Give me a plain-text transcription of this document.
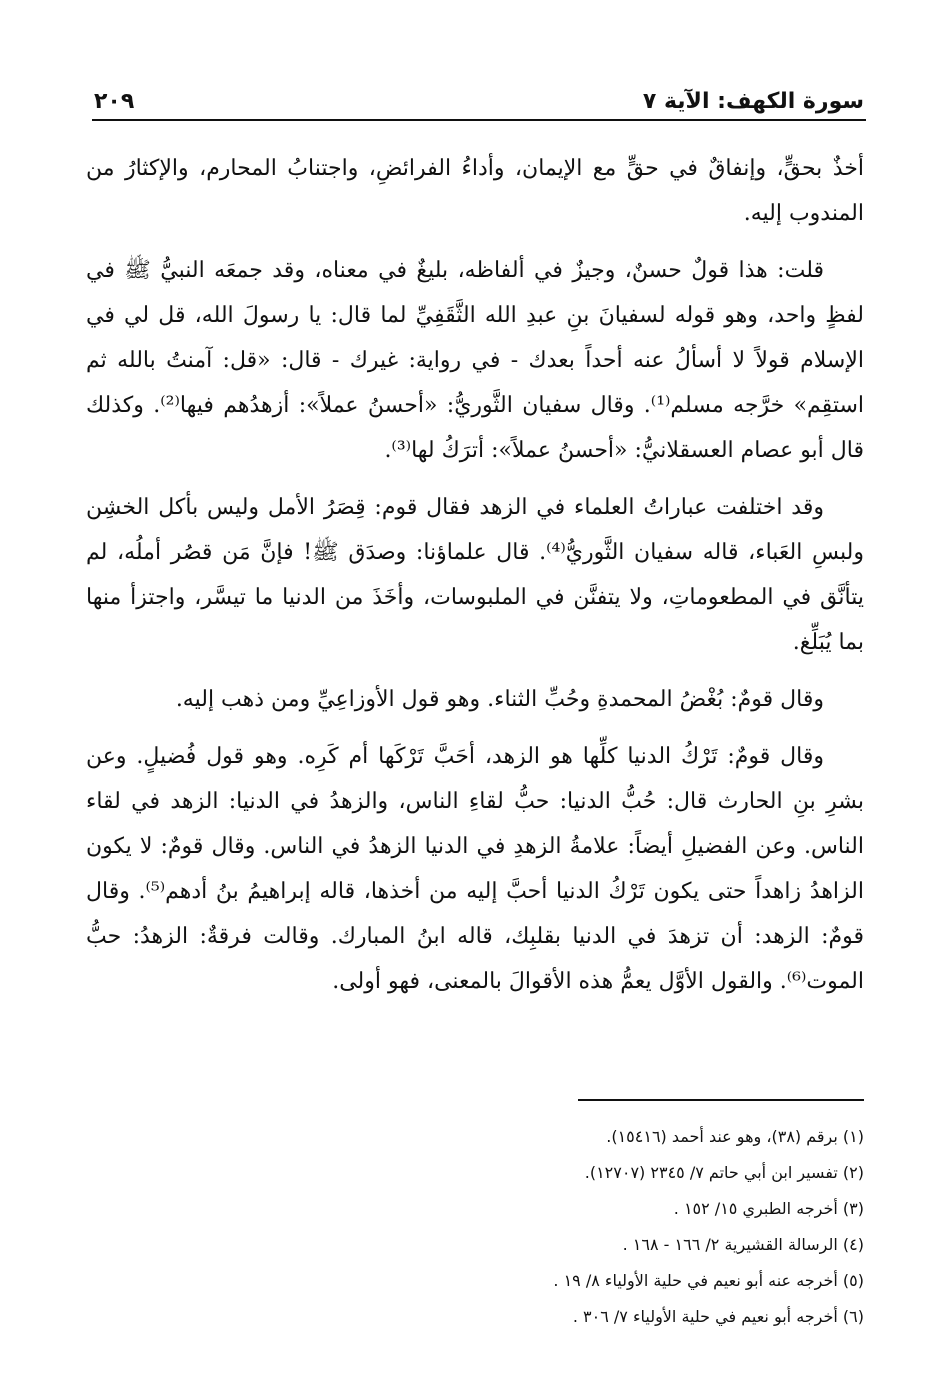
سورة الكهف: الآية ٧
٢٠٩

أخذٌ بحقٍّ، وإنفاقٌ في حقٍّ مع الإيمان، وأداءُ الفرائضِ، واجتنابُ المحارم، والإكثارُ من المندوب إليه.

قلت: هذا قولٌ حسنٌ، وجيزٌ في ألفاظه، بليغٌ في معناه، وقد جمعَه النبيُّ ﷺ في لفظٍ واحد، وهو قوله لسفيانَ بنِ عبدِ الله الثَّقَفِيِّ لما قال: يا رسولَ الله، قل لي في الإسلام قولاً لا أسألُ عنه أحداً بعدك - في رواية: غيرك - قال: «قل: آمنتُ بالله ثم استقِم» خرَّجه مسلم⁽¹⁾. وقال سفيان الثَّوريُّ: «أحسنُ عملاً»: أزهدُهم فيها⁽²⁾. وكذلك قال أبو عصام العسقلانيُّ: «أحسنُ عملاً»: أترَكُ لها⁽³⁾.

وقد اختلفت عباراتُ العلماء في الزهد فقال قوم: قِصَرُ الأمل وليس بأكل الخشِن ولبسِ العَباء، قاله سفيان الثَّوريُّ⁽⁴⁾. قال علماؤنا: وصدَق ﷺ! فإنَّ مَن قصُر أملُه، لم يتأنَّق في المطعوماتِ، ولا يتفنَّن في الملبوسات، وأخَذَ من الدنيا ما تيسَّر، واجتزأ منها بما يُبَلِّغ.

وقال قومٌ: بُغْضُ المحمدةِ وحُبِّ الثناء. وهو قول الأوزاعِيِّ ومن ذهب إليه.

وقال قومٌ: تَرْكُ الدنيا كلِّها هو الزهد، أحَبَّ تَرْكَها أم كَرِه. وهو قول فُضيلٍ. وعن بشرِ بنِ الحارث قال: حُبُّ الدنيا: حبُّ لقاءِ الناس، والزهدُ في الدنيا: الزهد في لقاء الناس. وعن الفضيلِ أيضاً: علامةُ الزهدِ في الدنيا الزهدُ في الناس. وقال قومٌ: لا يكون الزاهدُ زاهداً حتى يكون تَرْكُ الدنيا أحبَّ إليه من أخذها، قاله إبراهيمُ بنُ أدهم⁽⁵⁾. وقال قومٌ: الزهد: أن تزهدَ في الدنيا بقلبِك، قاله ابنُ المبارك. وقالت فرقةٌ: الزهدُ: حبُّ الموت⁽⁶⁾. والقول الأوَّل يعمُّ هذه الأقوالَ بالمعنى، فهو أولى.

(١) برقم (٣٨)، وهو عند أحمد (١٥٤١٦).
(٢) تفسير ابن أبي حاتم ٧/ ٢٣٤٥ (١٢٧٠٧).
(٣) أخرجه الطبري ١٥/ ١٥٢ .
(٤) الرسالة القشيرية ٢/ ١٦٦ - ١٦٨ .
(٥) أخرجه عنه أبو نعيم في حلية الأولياء ٨/ ١٩ .
(٦) أخرجه أبو نعيم في حلية الأولياء ٧/ ٣٠٦ .
